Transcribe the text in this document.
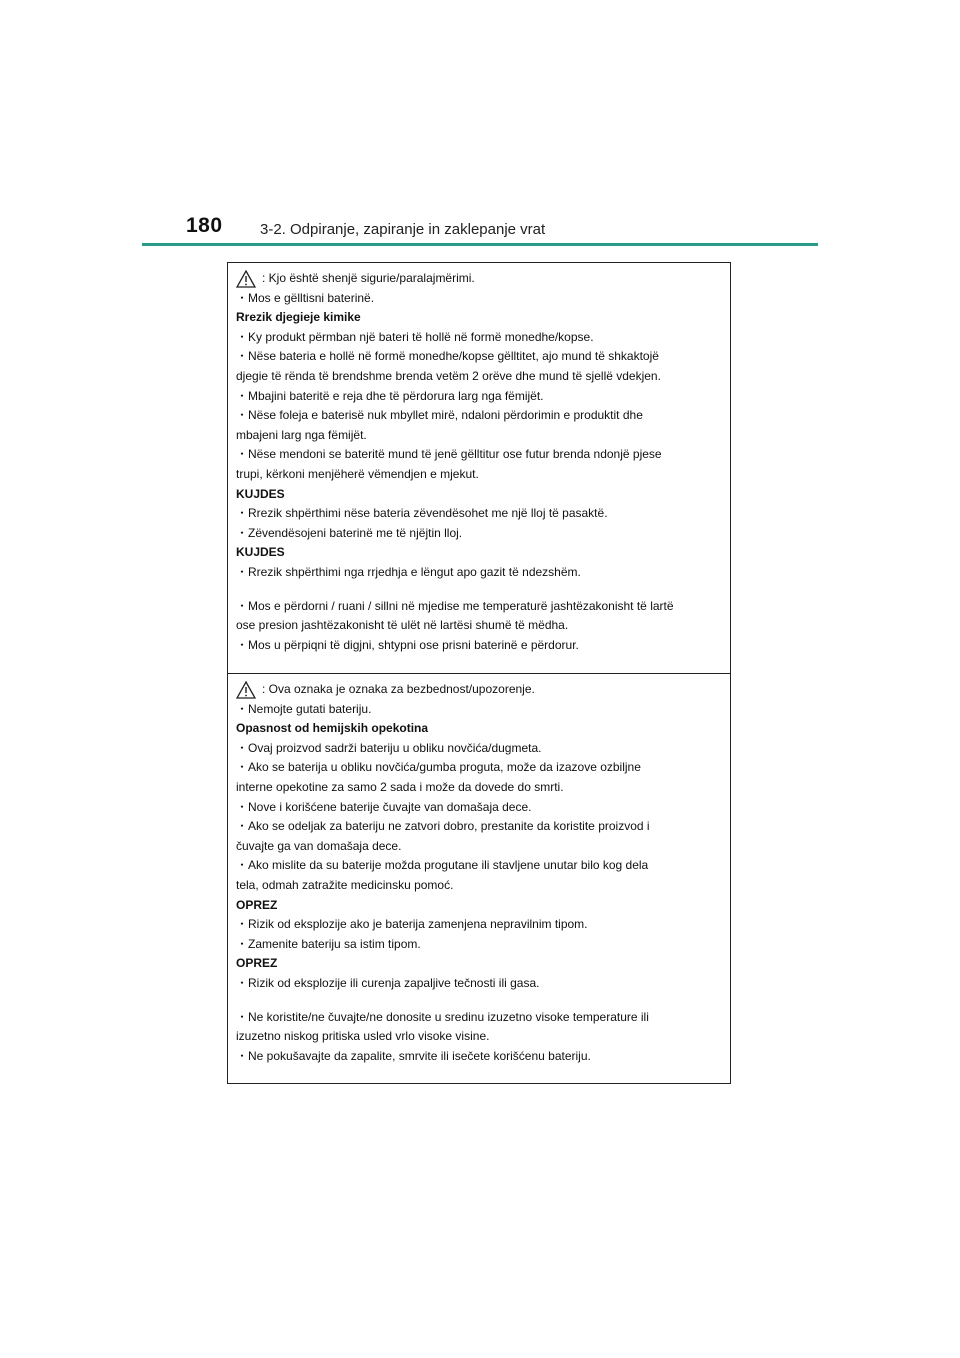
180 3-2. Odpiranje, zapiranje in zaklepanje vrat
: Kjo është shenjë sigurie/paralajmërimi.
・Mos e gëlltisni baterinë.
Rrezik djegieje kimike
・Ky produkt përmban një bateri të hollë në formë monedhe/kopse.
・Nëse bateria e hollë në formë monedhe/kopse gëlltitet, ajo mund të shkaktojë
djegie të rënda të brendshme brenda vetëm 2 orëve dhe mund të sjellë vdekjen.
・Mbajini bateritë e reja dhe të përdorura larg nga fëmijët.
・Nëse foleja e baterisë nuk mbyllet mirë, ndaloni përdorimin e produktit dhe
mbajeni larg nga fëmijët.
・Nëse mendoni se bateritë mund të jenë gëlltitur ose futur brenda ndonjë pjese
trupi, kërkoni menjëherë vëmendjen e mjekut.
KUJDES
・Rrezik shpërthimi nëse bateria zëvendësohet me një lloj të pasaktë.
・Zëvendësojeni baterinë me të njëjtin lloj.
KUJDES
・Rrezik shpërthimi nga rrjedhja e lëngut apo gazit të ndezshëm.
・Mos e përdorni / ruani / sillni në mjedise me temperaturë jashtëzakonisht të lartë
ose presion jashtëzakonisht të ulët në lartësi shumë të mëdha.
・Mos u përpiqni të digjni, shtypni ose prisni baterinë e përdorur.
: Ova oznaka je oznaka za bezbednost/upozorenje.
・Nemojte gutati bateriju.
Opasnost od hemijskih opekotina
・Ovaj proizvod sadrži bateriju u obliku novčića/dugmeta.
・Ako se baterija u obliku novčića/gumba proguta, može da izazove ozbiljne
interne opekotine za samo 2 sada i može da dovede do smrti.
・Nove i korišćene baterije čuvajte van domašaja dece.
・Ako se odeljak za bateriju ne zatvori dobro, prestanite da koristite proizvod i
čuvajte ga van domašaja dece.
・Ako mislite da su baterije možda progutane ili stavljene unutar bilo kog dela
tela, odmah zatražite medicinsku pomoć.
OPREZ
・Rizik od eksplozije ako je baterija zamenjena nepravilnim tipom.
・Zamenite bateriju sa istim tipom.
OPREZ
・Rizik od eksplozije ili curenja zapaljive tečnosti ili gasa.
・Ne koristite/ne čuvajte/ne donosite u sredinu izuzetno visoke temperature ili
izuzetno niskog pritiska usled vrlo visoke visine.
・Ne pokušavajte da zapalite, smrvite ili isečete korišćenu bateriju.
